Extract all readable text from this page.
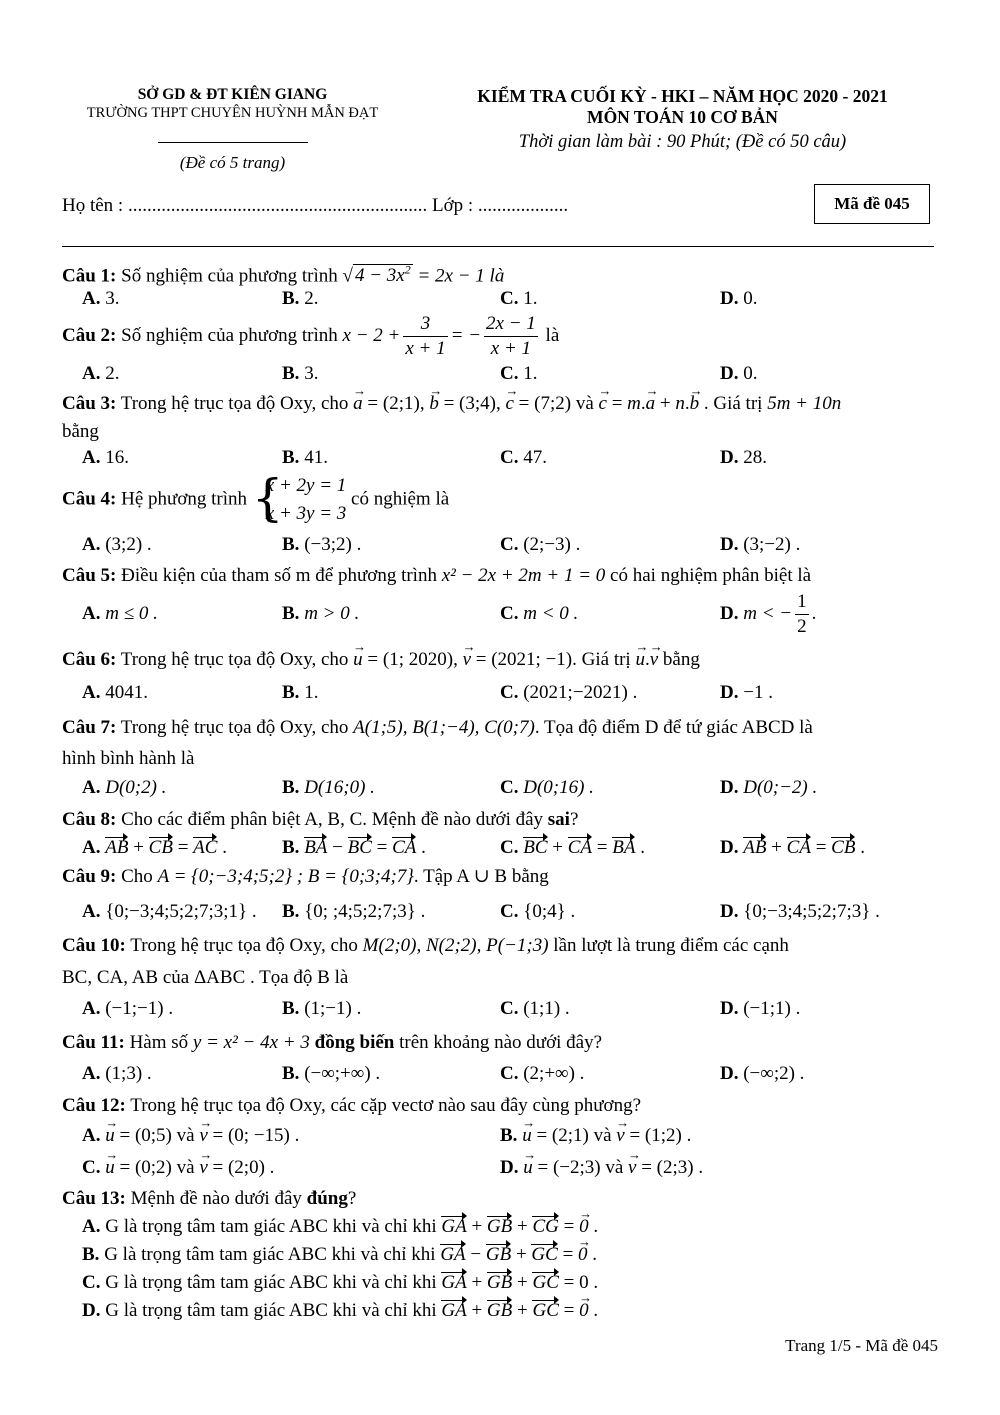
SỞ GD & ĐT KIÊN GIANG
TRƯỜNG THPT CHUYÊN HUỲNH MẪN ĐẠT
(Đề có 5 trang)
KIỂM TRA CUỐI KỲ - HKI – NĂM HỌC 2020 - 2021
MÔN TOÁN 10 CƠ BẢN
Thời gian làm bài : 90 Phút; (Đề có 50 câu)
Mã đề 045
Họ tên : ............................................................... Lớp : ...................
Câu 1: Số nghiệm của phương trình √ $4 - 3x^2 = 2x - 1$ là
A. 3.	B. 2.	C. 1.	D. 0.
Câu 2: Số nghiệm của phương trình $x - 2 + \frac{3}{x + 1}$ = − $\frac{2x - 1}{x + 1}$ là
A. 2.	B. 3.	C. 1.	D. 0.
Câu 3: Trong hệ trục tọa độ Oxy, cho → a = (2;1), → b = (3;4), → c = (7;2) và → c = m.→ a + n.→ b . Giá trị 5m + 10n
bằng
A. 16.	B. 41.	C. 47.	D. 28.
Câu 4: Hệ phương trình {
x + 2y = 1
x + 3y = 3
có nghiệm là
A. (3;2) .	B. (−3;2) .	C. (2;−3) .	D. (3;−2) .
Câu 5: Điều kiện của tham số m để phương trình x² − 2x + 2m + 1 = 0 có hai nghiệm phân biệt là
A. m ≤ 0 .	B. m > 0 .	C. m < 0 .	D. m < − $\frac{1}{2}$ .
Câu 6: Trong hệ trục tọa độ Oxy, cho → u = (1; 2020), → v = (2021; −1). Giá trị → u.→ v bằng
A. 4041.	B. 1.	C. (2021;−2021) .	D. −1 .
Câu 7: Trong hệ trục tọa độ Oxy, cho A(1;5), B(1;−4), C(0;7). Tọa độ điểm D để tứ giác ABCD là
hình bình hành là
A. D(0;2) .	B. D(16;0) .	C. D(0;16) .	D. D(0;−2) .
Câu 8: Cho các điểm phân biệt A, B, C. Mệnh đề nào dưới đây sai?
A. AB + CB = AC .	B. BA − BC = CA .	C. BC + CA = BA .	D. AB + CA = CB .
Câu 9: Cho A = {0;−3;4;5;2} ; B = {0;3;4;7}. Tập A ∪ B bằng
A. {0;−3;4;5;2;7;3;1} . B. {0; ;4;5;2;7;3} .	C. {0;4} .	D. {0;−3;4;5;2;7;3} .
Câu 10: Trong hệ trục tọa độ Oxy, cho M(2;0), N(2;2), P(−1;3) lần lượt là trung điểm các cạnh
BC, CA, AB của ΔABC . Tọa độ B là
A. (−1;−1) .	B. (1;−1) .	C. (1;1) .	D. (−1;1) .
Câu 11: Hàm số y = x² − 4x + 3 đồng biến trên khoảng nào dưới đây?
A. (1;3) .	B. (−∞;+∞) .	C. (2;+∞) .	D. (−∞;2) .
Câu 12: Trong hệ trục tọa độ Oxy, các cặp vectơ nào sau đây cùng phương?
A. → u = (0;5) và → v = (0; −15) .	B. → u = (2;1) và → v = (1;2) .
C. → u = (0;2) và → v = (2;0) .	D. → u = (−2;3) và → v = (2;3) .
Câu 13: Mệnh đề nào dưới đây đúng?
A. G là trọng tâm tam giác ABC khi và chỉ khi GA + GB + CG = → 0 .
B. G là trọng tâm tam giác ABC khi và chỉ khi GA − GB + GC = → 0 .
C. G là trọng tâm tam giác ABC khi và chỉ khi GA + GB + GC = 0 .
D. G là trọng tâm tam giác ABC khi và chỉ khi GA + GB + GC = → 0 .
Trang 1/5 - Mã đề 045
